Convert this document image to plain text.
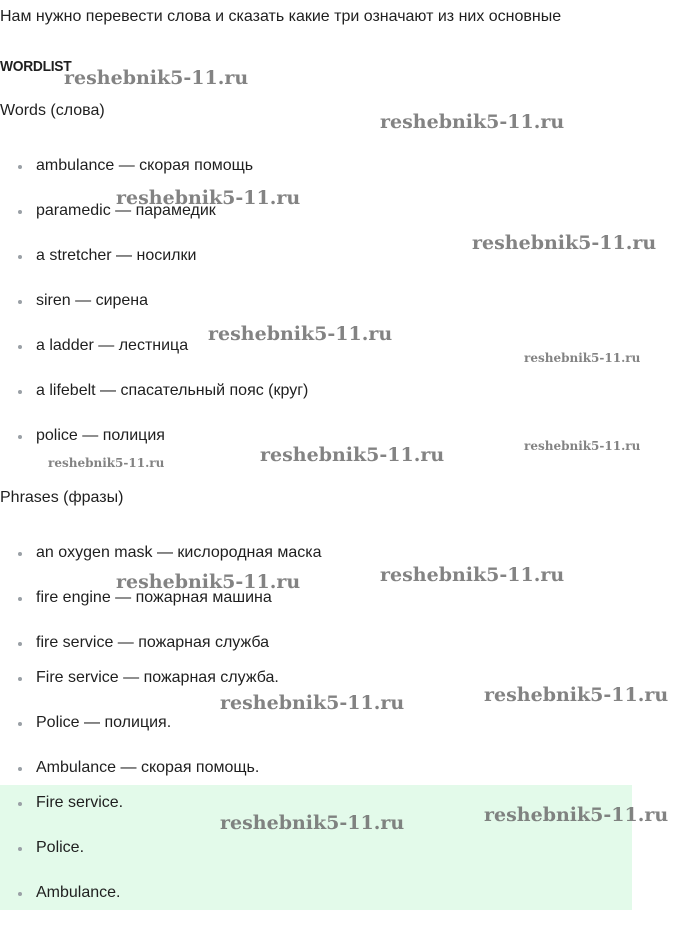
Нам нужно перевести слова и сказать какие три означают из них основные
WORDLIST
Words (слова)
ambulance — скорая помощь
paramedic — парамедик
a stretcher — носилки
siren — сирена
a ladder — лестница
a lifebelt — спасательный пояс (круг)
police — полиция
Phrases (фразы)
an oxygen mask — кислородная маска
fire engine — пожарная машина
fire service — пожарная служба
Fire service — пожарная служба.
Police — полиция.
Ambulance — скорая помощь.
Fire service.
Police.
Ambulance.
reshebnik5-11.ru
reshebnik5-11.ru
reshebnik5-11.ru
reshebnik5-11.ru
reshebnik5-11.ru
reshebnik5-11.ru
reshebnik5-11.ru
reshebnik5-11.ru
reshebnik5-11.ru
reshebnik5-11.ru
reshebnik5-11.ru
reshebnik5-11.ru
reshebnik5-11.ru
reshebnik5-11.ru
reshebnik5-11.ru
